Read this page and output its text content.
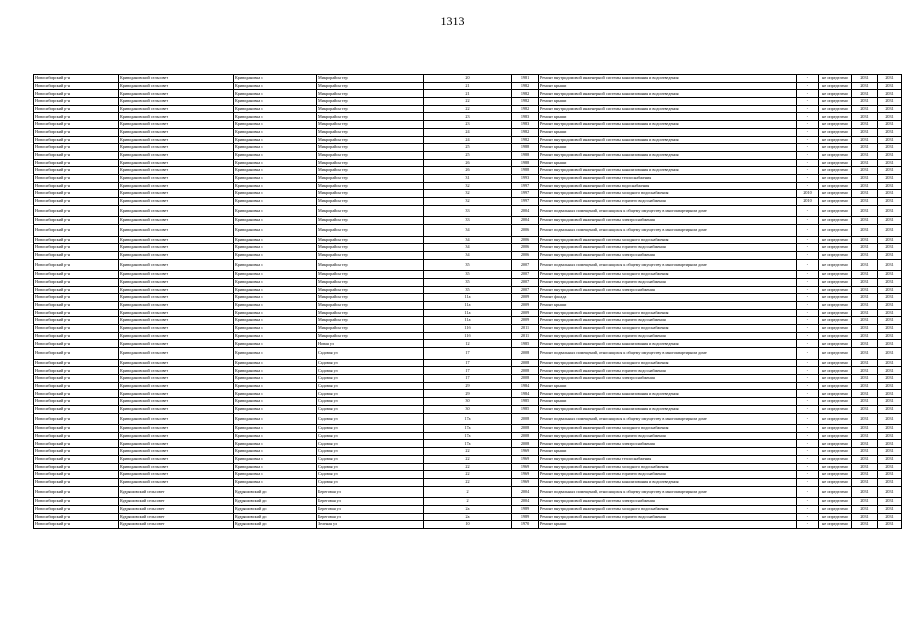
1313
Новосибирский р-н	Криводановский сельсовет	Криводановка с	Микрорайон тер	20	1981	Ремонт внутридомовой инженерной системы канализования и водоотведения	-	не определено	2031	2031
Новосибирский р-н	Криводановский сельсовет	Криводановка с	Микрорайон тер	21	1982	Ремонт крыши	-	не определено	2031	2031
Новосибирский р-н	Криводановский сельсовет	Криводановка с	Микрорайон тер	21	1982	Ремонт внутридомовой инженерной системы канализования и водоотведения	-	не определено	2031	2031
Новосибирский р-н	Криводановский сельсовет	Криводановка с	Микрорайон тер	22	1982	Ремонт крыши	-	не определено	2031	2031
Новосибирский р-н	Криводановский сельсовет	Криводановка с	Микрорайон тер	22	1982	Ремонт внутридомовой инженерной системы канализования и водоотведения	-	не определено	2031	2031
Новосибирский р-н	Криводановский сельсовет	Криводановка с	Микрорайон тер	23	1983	Ремонт крыши	-	не определено	2031	2031
Новосибирский р-н	Криводановский сельсовет	Криводановка с	Микрорайон тер	23	1983	Ремонт внутридомовой инженерной системы канализования и водоотведения	-	не определено	2031	2031
Новосибирский р-н	Криводановский сельсовет	Криводановка с	Микрорайон тер	24	1982	Ремонт крыши	-	не определено	2031	2031
Новосибирский р-н	Криводановский сельсовет	Криводановка с	Микрорайон тер	24	1982	Ремонт внутридомовой инженерной системы канализования и водоотведения	-	не определено	2031	2031
Новосибирский р-н	Криводановский сельсовет	Криводановка с	Микрорайон тер	25	1988	Ремонт крыши	-	не определено	2031	2031
Новосибирский р-н	Криводановский сельсовет	Криводановка с	Микрорайон тер	25	1988	Ремонт внутридомовой инженерной системы канализования и водоотведения	-	не определено	2031	2031
Новосибирский р-н	Криводановский сельсовет	Криводановка с	Микрорайон тер	26	1988	Ремонт крыши	-	не определено	2031	2031
Новосибирский р-н	Криводановский сельсовет	Криводановка с	Микрорайон тер	26	1988	Ремонт внутридомовой инженерной системы канализования и водоотведения	-	не определено	2031	2031
Новосибирский р-н	Криводановский сельсовет	Криводановка с	Микрорайон тер	31	1993	Ремонт внутридомовой инженерной системы теплоснабжения	-	не определено	2031	2031
Новосибирский р-н	Криводановский сельсовет	Криводановка с	Микрорайон тер	32	1997	Ремонт внутридомовой инженерной системы водоснабжения	-	не определено	2031	2031
Новосибирский р-н	Криводановский сельсовет	Криводановка с	Микрорайон тер	32	1997	Ремонт внутридомовой инженерной системы холодного водоснабжения	2010	не определено	2031	2031
Новосибирский р-н	Криводановский сельсовет	Криводановка с	Микрорайон тер	32	1997	Ремонт внутридомовой инженерной системы горячего водоснабжения	2010	не определено	2031	2031
Новосибирский р-н	Криводановский сельсовет	Криводановка с	Микрорайон тер	33	2004	Ремонт подвальных помещений, относящихся к общему имуществу в многоквартирном доме	-	не определено	2031	2031
Новосибирский р-н	Криводановский сельсовет	Криводановка с	Микрорайон тер	33	2004	Ремонт внутридомовой инженерной системы электроснабжения	-	не определено	2031	2031
Новосибирский р-н	Криводановский сельсовет	Криводановка с	Микрорайон тер	34	2006	Ремонт подвальных помещений, относящихся к общему имуществу в многоквартирном доме	-	не определено	2031	2031
Новосибирский р-н	Криводановский сельсовет	Криводановка с	Микрорайон тер	34	2006	Ремонт внутридомовой инженерной системы холодного водоснабжения	-	не определено	2031	2031
Новосибирский р-н	Криводановский сельсовет	Криводановка с	Микрорайон тер	34	2006	Ремонт внутридомовой инженерной системы горячего водоснабжения	-	не определено	2031	2031
Новосибирский р-н	Криводановский сельсовет	Криводановка с	Микрорайон тер	34	2006	Ремонт внутридомовой инженерной системы электроснабжения	-	не определено	2031	2031
Новосибирский р-н	Криводановский сельсовет	Криводановка с	Микрорайон тер	35	2007	Ремонт подвальных помещений, относящихся к общему имуществу в многоквартирном доме	-	не определено	2031	2031
Новосибирский р-н	Криводановский сельсовет	Криводановка с	Микрорайон тер	35	2007	Ремонт внутридомовой инженерной системы холодного водоснабжения	-	не определено	2031	2031
Новосибирский р-н	Криводановский сельсовет	Криводановка с	Микрорайон тер	35	2007	Ремонт внутридомовой инженерной системы горячего водоснабжения	-	не определено	2031	2031
Новосибирский р-н	Криводановский сельсовет	Криводановка с	Микрорайон тер	35	2007	Ремонт внутридомовой инженерной системы электроснабжения	-	не определено	2031	2031
Новосибирский р-н	Криводановский сельсовет	Криводановка с	Микрорайон тер	11а	2009	Ремонт фасада	-	не определено	2031	2031
Новосибирский р-н	Криводановский сельсовет	Криводановка с	Микрорайон тер	11а	2009	Ремонт крыши	-	не определено	2031	2031
Новосибирский р-н	Криводановский сельсовет	Криводановка с	Микрорайон тер	11а	2009	Ремонт внутридомовой инженерной системы холодного водоснабжения	-	не определено	2031	2031
Новосибирский р-н	Криводановский сельсовет	Криводановка с	Микрорайон тер	11а	2009	Ремонт внутридомовой инженерной системы горячего водоснабжения	-	не определено	2031	2031
Новосибирский р-н	Криводановский сельсовет	Криводановка с	Микрорайон тер	11б	2011	Ремонт внутридомовой инженерной системы холодного водоснабжения	-	не определено	2031	2031
Новосибирский р-н	Криводановский сельсовет	Криводановка с	Микрорайон тер	11б	2011	Ремонт внутридомовой инженерной системы горячего водоснабжения	-	не определено	2031	2031
Новосибирский р-н	Криводановский сельсовет	Криводановка с	Новая ул	12	1985	Ремонт внутридомовой инженерной системы канализования и водоотведения	-	не определено	2031	2031
Новосибирский р-н	Криводановский сельсовет	Криводановка с	Садовая ул	17	2008	Ремонт подвальных помещений, относящихся к общему имуществу в многоквартирном доме	-	не определено	2031	2031
Новосибирский р-н	Криводановский сельсовет	Криводановка с	Садовая ул	17	2008	Ремонт внутридомовой инженерной системы холодного водоснабжения	-	не определено	2031	2031
Новосибирский р-н	Криводановский сельсовет	Криводановка с	Садовая ул	17	2008	Ремонт внутридомовой инженерной системы горячего водоснабжения	-	не определено	2031	2031
Новосибирский р-н	Криводановский сельсовет	Криводановка с	Садовая ул	17	2008	Ремонт внутридомовой инженерной системы электроснабжения	-	не определено	2031	2031
Новосибирский р-н	Криводановский сельсовет	Криводановка с	Садовая ул	29	1984	Ремонт крыши	-	не определено	2031	2031
Новосибирский р-н	Криводановский сельсовет	Криводановка с	Садовая ул	29	1984	Ремонт внутридомовой инженерной системы канализования и водоотведения	-	не определено	2031	2031
Новосибирский р-н	Криводановский сельсовет	Криводановка с	Садовая ул	30	1985	Ремонт крыши	-	не определено	2031	2031
Новосибирский р-н	Криводановский сельсовет	Криводановка с	Садовая ул	30	1985	Ремонт внутридомовой инженерной системы канализования и водоотведения	-	не определено	2031	2031
Новосибирский р-н	Криводановский сельсовет	Криводановка с	Садовая ул	17а	2008	Ремонт подвальных помещений, относящихся к общему имуществу в многоквартирном доме	-	не определено	2031	2031
Новосибирский р-н	Криводановский сельсовет	Криводановка с	Садовая ул	17а	2008	Ремонт внутридомовой инженерной системы холодного водоснабжения	-	не определено	2031	2031
Новосибирский р-н	Криводановский сельсовет	Криводановка с	Садовая ул	17а	2008	Ремонт внутридомовой инженерной системы горячего водоснабжения	-	не определено	2031	2031
Новосибирский р-н	Криводановский сельсовет	Криводановка с	Садовая ул	17а	2008	Ремонт внутридомовой инженерной системы электроснабжения	-	не определено	2031	2031
Новосибирский р-н	Криводановский сельсовет	Криводановка с	Садовая ул	22	1969	Ремонт крыши	-	не определено	2031	2031
Новосибирский р-н	Криводановский сельсовет	Криводановка с	Садовая ул	22	1969	Ремонт внутридомовой инженерной системы теплоснабжения	-	не определено	2031	2031
Новосибирский р-н	Криводановский сельсовет	Криводановка с	Садовая ул	22	1969	Ремонт внутридомовой инженерной системы холодного водоснабжения	-	не определено	2031	2031
Новосибирский р-н	Криводановский сельсовет	Криводановка с	Садовая ул	22	1969	Ремонт внутридомовой инженерной системы горячего водоснабжения	-	не определено	2031	2031
Новосибирский р-н	Криводановский сельсовет	Криводановка с	Садовая ул	22	1969	Ремонт внутридомовой инженерной системы канализования и водоотведения	-	не определено	2031	2031
Новосибирский р-н	Кудряшовский сельсовет	Кудряшовский дп	Береговая ул	2	2004	Ремонт подвальных помещений, относящихся к общему имуществу в многоквартирном доме	-	не определено	2031	2031
Новосибирский р-н	Кудряшовский сельсовет	Кудряшовский дп	Береговая ул	2	2004	Ремонт внутридомовой инженерной системы электроснабжения	-	не определено	2031	2031
Новосибирский р-н	Кудряшовский сельсовет	Кудряшовский дп	Береговая ул	2а	1989	Ремонт внутридомовой инженерной системы холодного водоснабжения	-	не определено	2031	2031
Новосибирский р-н	Кудряшовский сельсовет	Кудряшовский дп	Береговая ул	2а	1989	Ремонт внутридомовой инженерной системы горячего водоснабжения	-	не определено	2031	2031
Новосибирский р-н	Кудряшовский сельсовет	Кудряшовский дп	Зеленая ул	10	1970	Ремонт крыши	-	не определено	2031	2031
